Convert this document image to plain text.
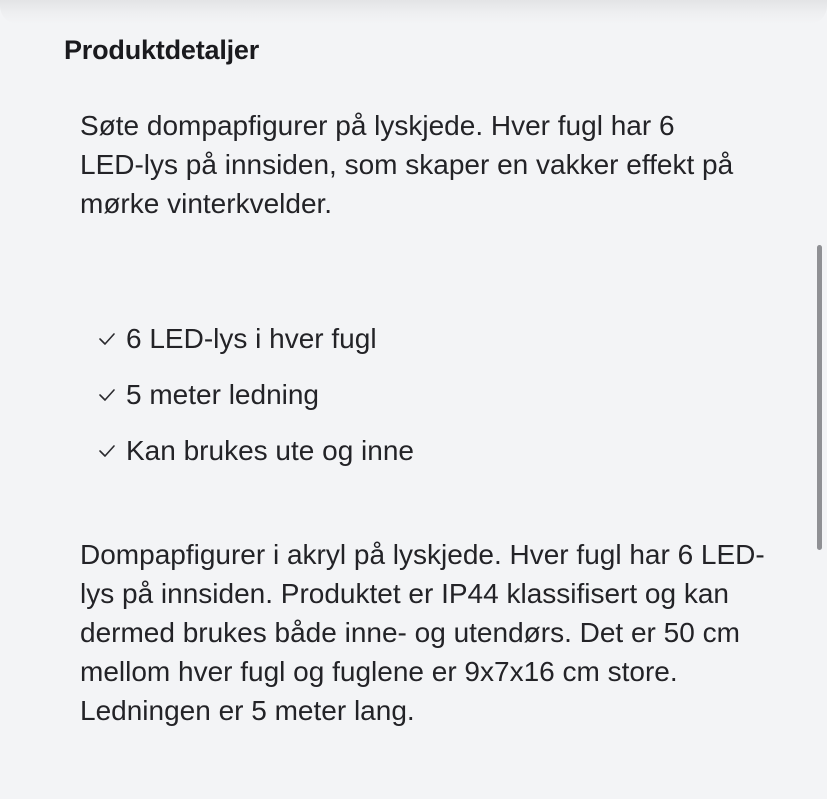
Produktdetaljer

Søte dompapfigurer på lyskjede. Hver fugl har 6 LED-lys på innsiden, som skaper en vakker effekt på mørke vinterkvelder.

6 LED-lys i hver fugl
5 meter ledning
Kan brukes ute og inne

Dompapfigurer i akryl på lyskjede. Hver fugl har 6 LED-lys på innsiden. Produktet er IP44 klassifisert og kan dermed brukes både inne- og utendørs. Det er 50 cm mellom hver fugl og fuglene er 9x7x16 cm store. Ledningen er 5 meter lang.
